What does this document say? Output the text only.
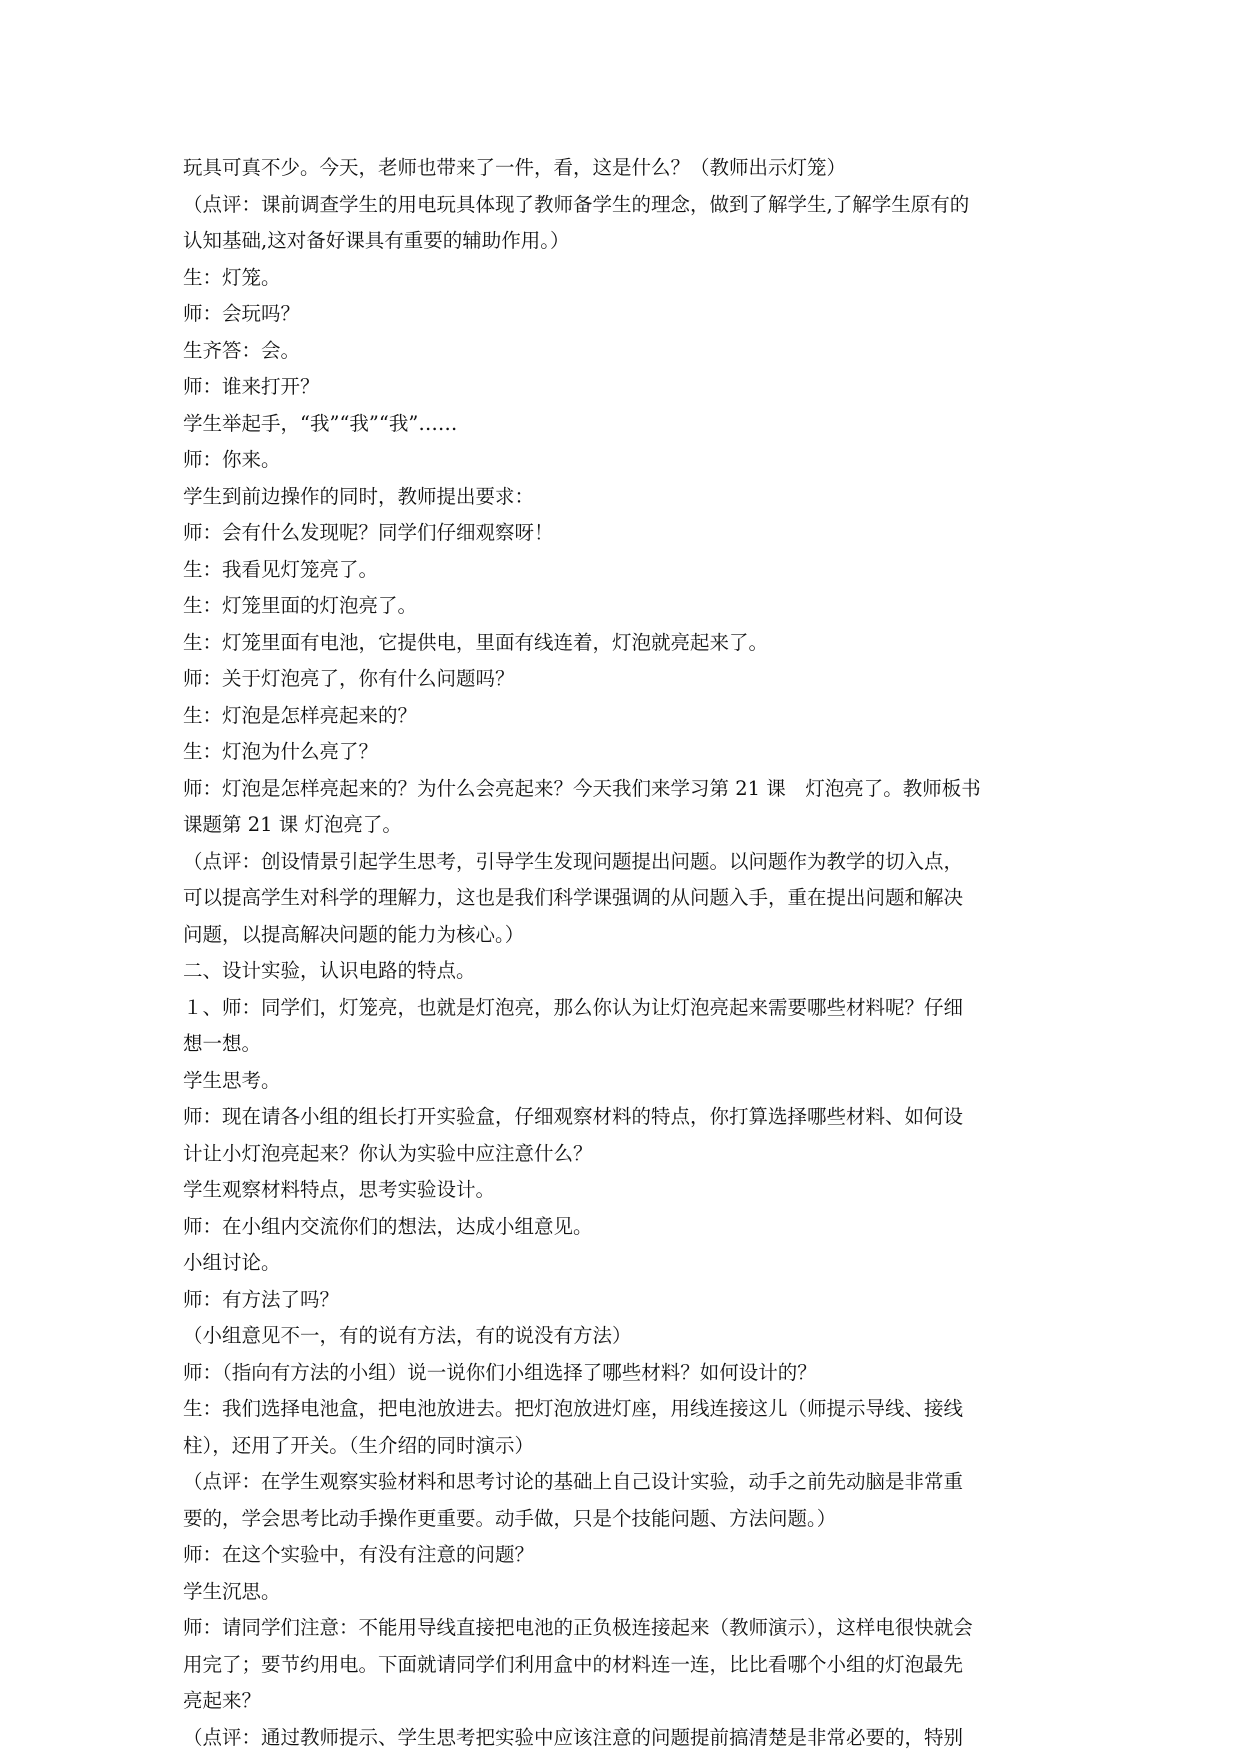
玩具可真不少。今天，老师也带来了一件，看，这是什么？（教师出示灯笼）
（点评：课前调查学生的用电玩具体现了教师备学生的理念，做到了解学生,了解学生原有的
认知基础,这对备好课具有重要的辅助作用。）
生：灯笼。
师：会玩吗？
生齐答：会。
师：谁来打开？
学生举起手，“我”“我”“我”……
师：你来。
学生到前边操作的同时，教师提出要求：
师：会有什么发现呢？同学们仔细观察呀！
生：我看见灯笼亮了。
生：灯笼里面的灯泡亮了。
生：灯笼里面有电池，它提供电，里面有线连着，灯泡就亮起来了。
师：关于灯泡亮了，你有什么问题吗？
生：灯泡是怎样亮起来的？
生：灯泡为什么亮了？
师：灯泡是怎样亮起来的？为什么会亮起来？今天我们来学习第 21 课　灯泡亮了。教师板书
课题第 21 课 灯泡亮了。
（点评：创设情景引起学生思考，引导学生发现问题提出问题。以问题作为教学的切入点，
可以提高学生对科学的理解力，这也是我们科学课强调的从问题入手，重在提出问题和解决
问题，以提高解决问题的能力为核心。）
二、设计实验，认识电路的特点。
１、师：同学们，灯笼亮，也就是灯泡亮，那么你认为让灯泡亮起来需要哪些材料呢？仔细
想一想。
学生思考。
师：现在请各小组的组长打开实验盒，仔细观察材料的特点，你打算选择哪些材料、如何设
计让小灯泡亮起来？你认为实验中应注意什么？
学生观察材料特点，思考实验设计。
师：在小组内交流你们的想法，达成小组意见。
小组讨论。
师：有方法了吗？
（小组意见不一，有的说有方法，有的说没有方法）
师：（指向有方法的小组）说一说你们小组选择了哪些材料？如何设计的？
生：我们选择电池盒，把电池放进去。把灯泡放进灯座，用线连接这儿（师提示导线、接线
柱），还用了开关。（生介绍的同时演示）
（点评：在学生观察实验材料和思考讨论的基础上自己设计实验，动手之前先动脑是非常重
要的，学会思考比动手操作更重要。动手做，只是个技能问题、方法问题。）
师：在这个实验中，有没有注意的问题？
学生沉思。
师：请同学们注意：不能用导线直接把电池的正负极连接起来（教师演示），这样电很快就会
用完了；要节约用电。下面就请同学们利用盒中的材料连一连，比比看哪个小组的灯泡最先
亮起来？
（点评：通过教师提示、学生思考把实验中应该注意的问题提前搞清楚是非常必要的，特别
